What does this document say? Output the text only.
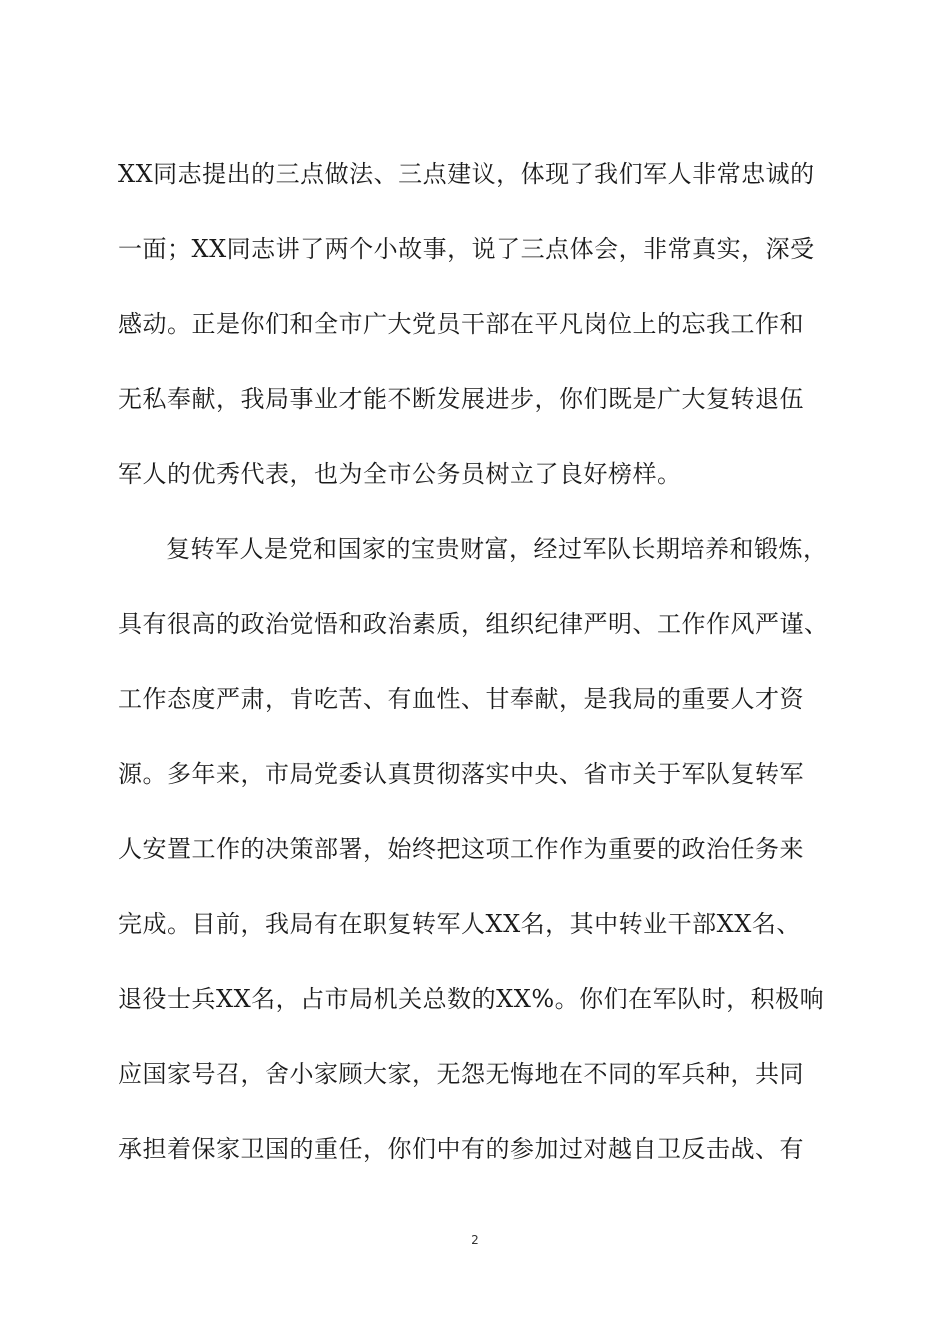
XX同志提出的三点做法、三点建议，体现了我们军人非常忠诚的
一面；XX同志讲了两个小故事，说了三点体会，非常真实，深受
感动。正是你们和全市广大党员干部在平凡岗位上的忘我工作和
无私奉献，我局事业才能不断发展进步，你们既是广大复转退伍
军人的优秀代表，也为全市公务员树立了良好榜样。
复转军人是党和国家的宝贵财富，经过军队长期培养和锻炼，
具有很高的政治觉悟和政治素质，组织纪律严明、工作作风严谨、
工作态度严肃，肯吃苦、有血性、甘奉献，是我局的重要人才资
源。多年来，市局党委认真贯彻落实中央、省市关于军队复转军
人安置工作的决策部署，始终把这项工作作为重要的政治任务来
完成。目前，我局有在职复转军人XX名，其中转业干部XX名、
退役士兵XX名，占市局机关总数的XX%。你们在军队时，积极响
应国家号召，舍小家顾大家，无怨无悔地在不同的军兵种，共同
承担着保家卫国的重任，你们中有的参加过对越自卫反击战、有
2
